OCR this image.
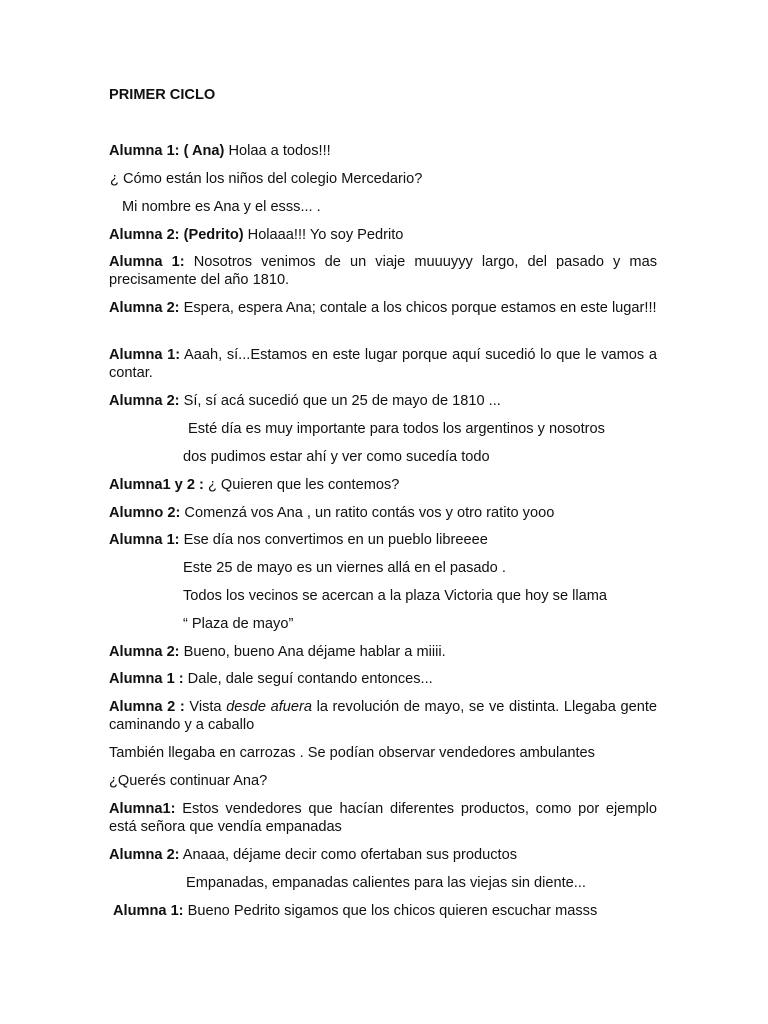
PRIMER CICLO

Alumna 1: ( Ana) Holaa a todos!!!

¿ Cómo están los niños del colegio Mercedario?

Mi nombre es Ana y el esss... .

Alumna 2: (Pedrito) Holaaa!!! Yo soy Pedrito

Alumna 1: Nosotros venimos de un viaje muuuyyy largo, del pasado y mas precisamente del año 1810.

Alumna 2: Espera, espera Ana; contale a los chicos porque estamos en este lugar!!!

Alumna 1: Aaah, sí...Estamos en este lugar porque aquí sucedió lo que le vamos a contar.

Alumna 2: Sí, sí acá sucedió que un 25 de mayo de 1810 ...

Esté día es muy importante para todos los argentinos y nosotros

dos pudimos estar ahí y ver como sucedía todo

Alumna1 y 2 : ¿ Quieren que les contemos?

Alumno 2: Comenzá vos Ana , un ratito contás vos y otro ratito yooo

Alumna 1: Ese día nos convertimos en un pueblo libreeee

Este 25 de mayo es un viernes allá en el pasado .

Todos los vecinos se acercan a la plaza Victoria que hoy se llama

“ Plaza de mayo”

Alumna 2: Bueno, bueno Ana déjame hablar a miiii.

Alumna 1 : Dale, dale seguí contando entonces...

Alumna 2 : Vista desde afuera la revolución de mayo, se ve distinta. Llegaba gente caminando y a caballo

También llegaba en carrozas . Se podían observar vendedores ambulantes

¿Querés continuar Ana?

Alumna1: Estos vendedores que hacían diferentes productos, como por ejemplo está señora que vendía empanadas

Alumna 2: Anaaa, déjame decir como ofertaban sus productos

Empanadas, empanadas calientes para las viejas sin diente...

Alumna 1: Bueno Pedrito sigamos que los chicos quieren escuchar masss
